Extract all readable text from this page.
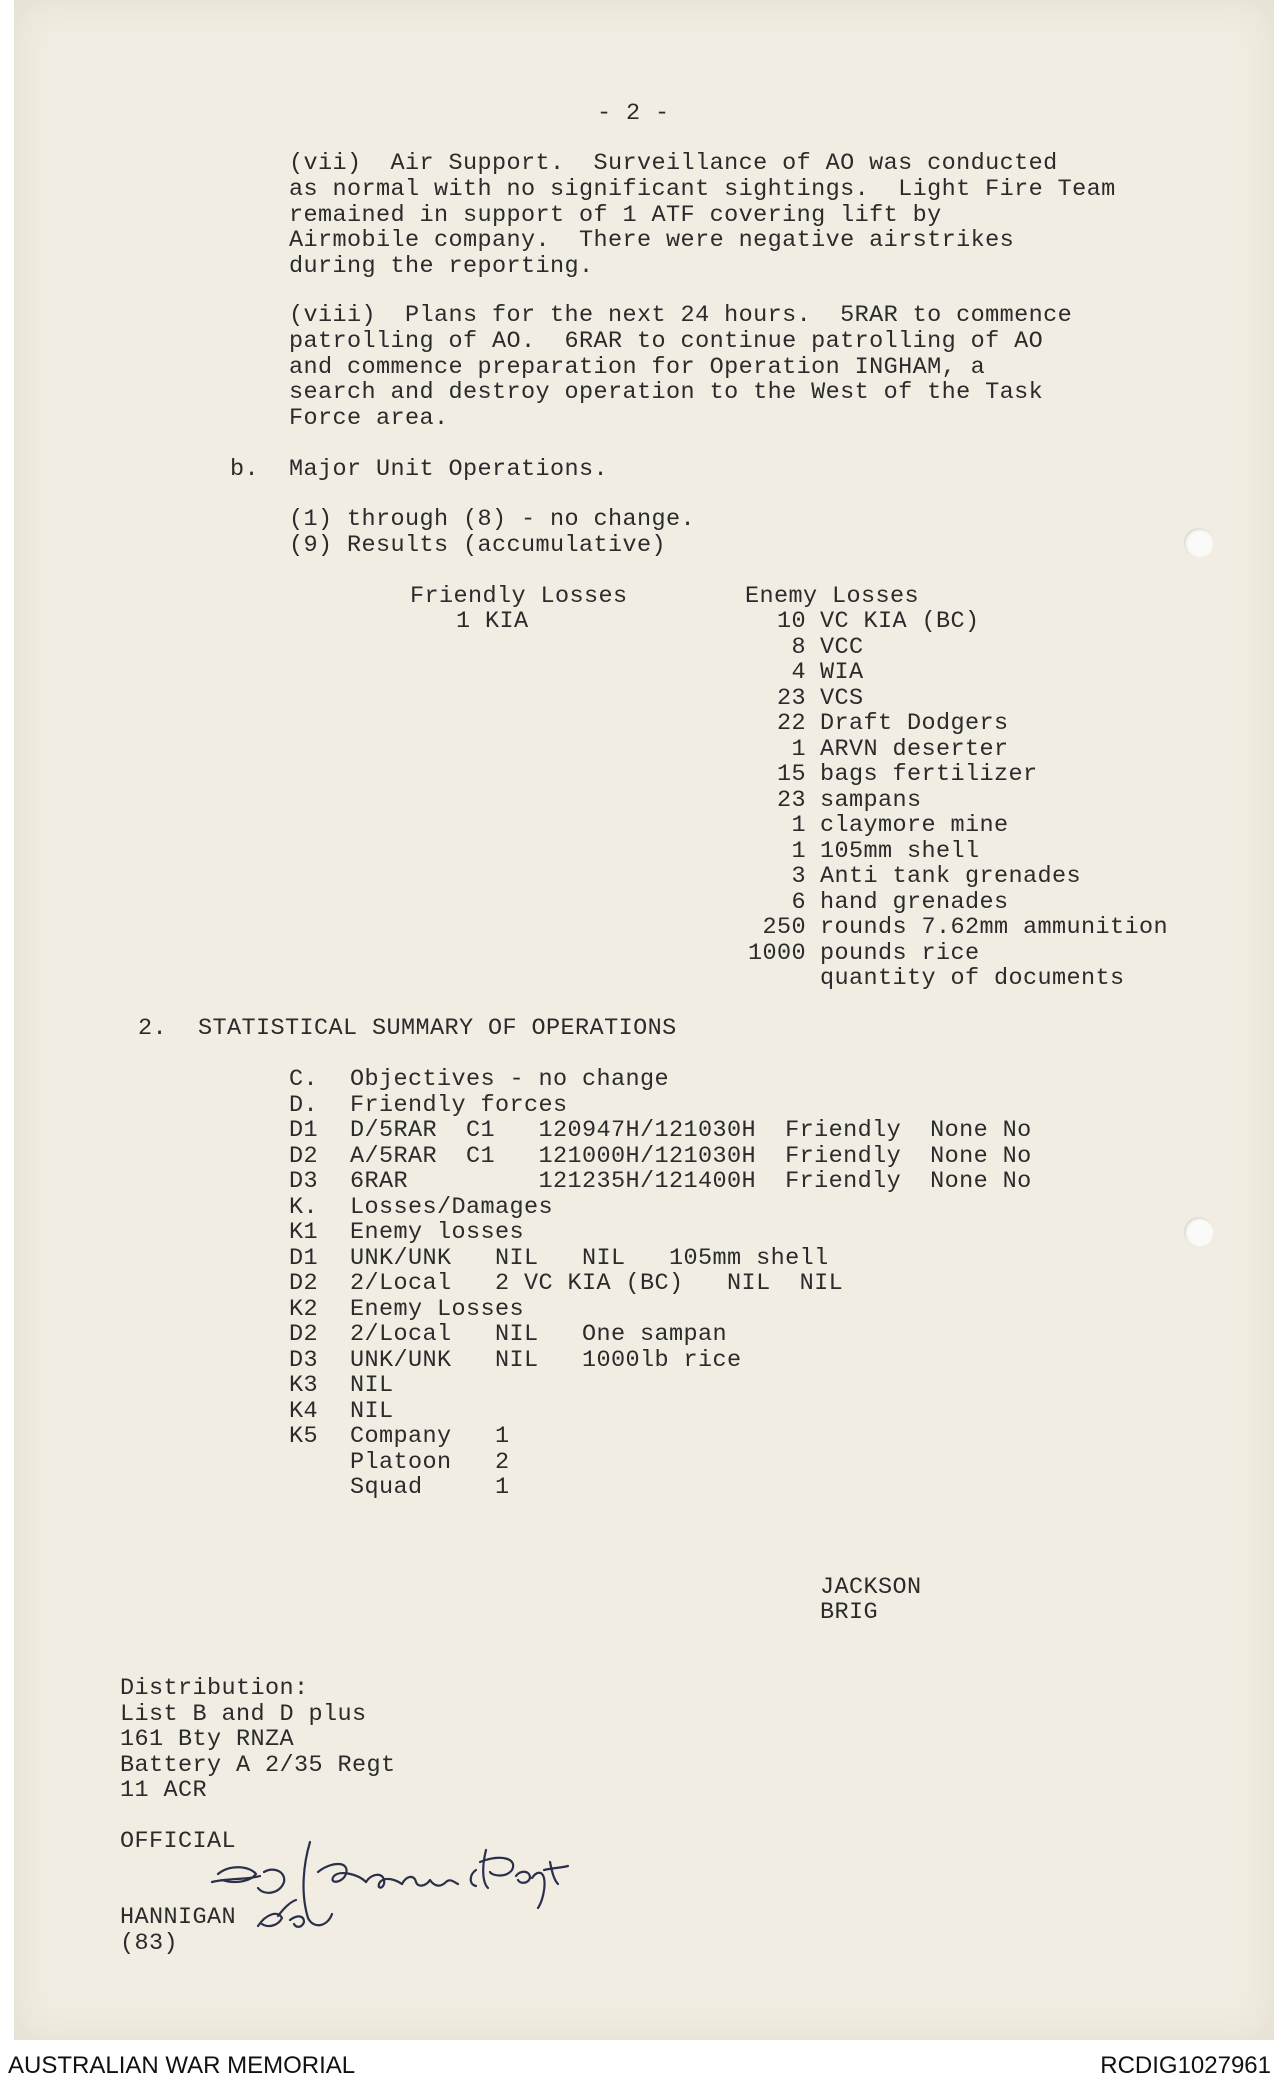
- 2 -
(vii)  Air Support.  Surveillance of AO was conducted
as normal with no significant sightings.  Light Fire Team
remained in support of 1 ATF covering lift by
Airmobile company.  There were negative airstrikes
during the reporting.
(viii)  Plans for the next 24 hours.  5RAR to commence
patrolling of AO.  6RAR to continue patrolling of AO
and commence preparation for Operation INGHAM, a
search and destroy operation to the West of the Task
Force area.
b. Major Unit Operations.
(1) through (8) - no change.
(9) Results (accumulative)
Friendly Losses
1 KIA
Enemy Losses
10 VC KIA (BC)
8 VCC
4 WIA
23 VCS
22 Draft Dodgers
1 ARVN deserter
15 bags fertilizer
23 sampans
1 claymore mine
1 105mm shell
3 Anti tank grenades
6 hand grenades
250 rounds 7.62mm ammunition
1000 pounds rice
quantity of documents
2. STATISTICAL SUMMARY OF OPERATIONS
C. Objectives - no change
D. Friendly forces
D1 D/5RAR  C1   120947H/121030H  Friendly  None No
D2 A/5RAR  C1   121000H/121030H  Friendly  None No
D3 6RAR         121235H/121400H  Friendly  None No
K. Losses/Damages
K1 Enemy losses
D1 UNK/UNK   NIL   NIL   105mm shell
D2 2/Local   2 VC KIA (BC)   NIL  NIL
K2 Enemy Losses
D2 2/Local   NIL   One sampan
D3 UNK/UNK   NIL   1000lb rice
K3 NIL
K4 NIL
K5 Company   1
Platoon   2
Squad     1
JACKSON
BRIG
Distribution:
List B and D plus
161 Bty RNZA
Battery A 2/35 Regt
11 ACR
OFFICIAL
HANNIGAN
(83)
AUSTRALIAN WAR MEMORIAL	RCDIG1027961
